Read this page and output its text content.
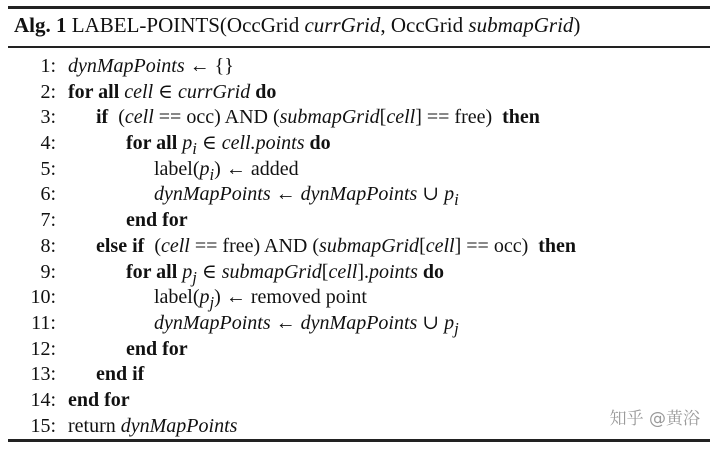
Alg. 1 LABEL-POINTS(OccGrid currGrid, OccGrid submapGrid)
1: dynMapPoints ← {}
2: for all cell ∈ currGrid do
3: if  (cell == occ) AND (submapGrid[cell] == free)  then
4:	for all $p_i$ ∈ cell.points do
5:	$label(p_i)$ ← added
6:	dynMapPoints ← dynMapPoints ∪ $p_i$
7:	end for
8: else if  (cell == free) AND (submapGrid[cell] == occ)  then
9:	for all $p_j$ ∈ submapGrid[cell].points do
10:	$label(p_j)$ ← removed point
11:	dynMapPoints ← dynMapPoints ∪ $p_j$
12:	end for
13: end if
14: end for
15: return dynMapPoints	知乎 @黄浴
